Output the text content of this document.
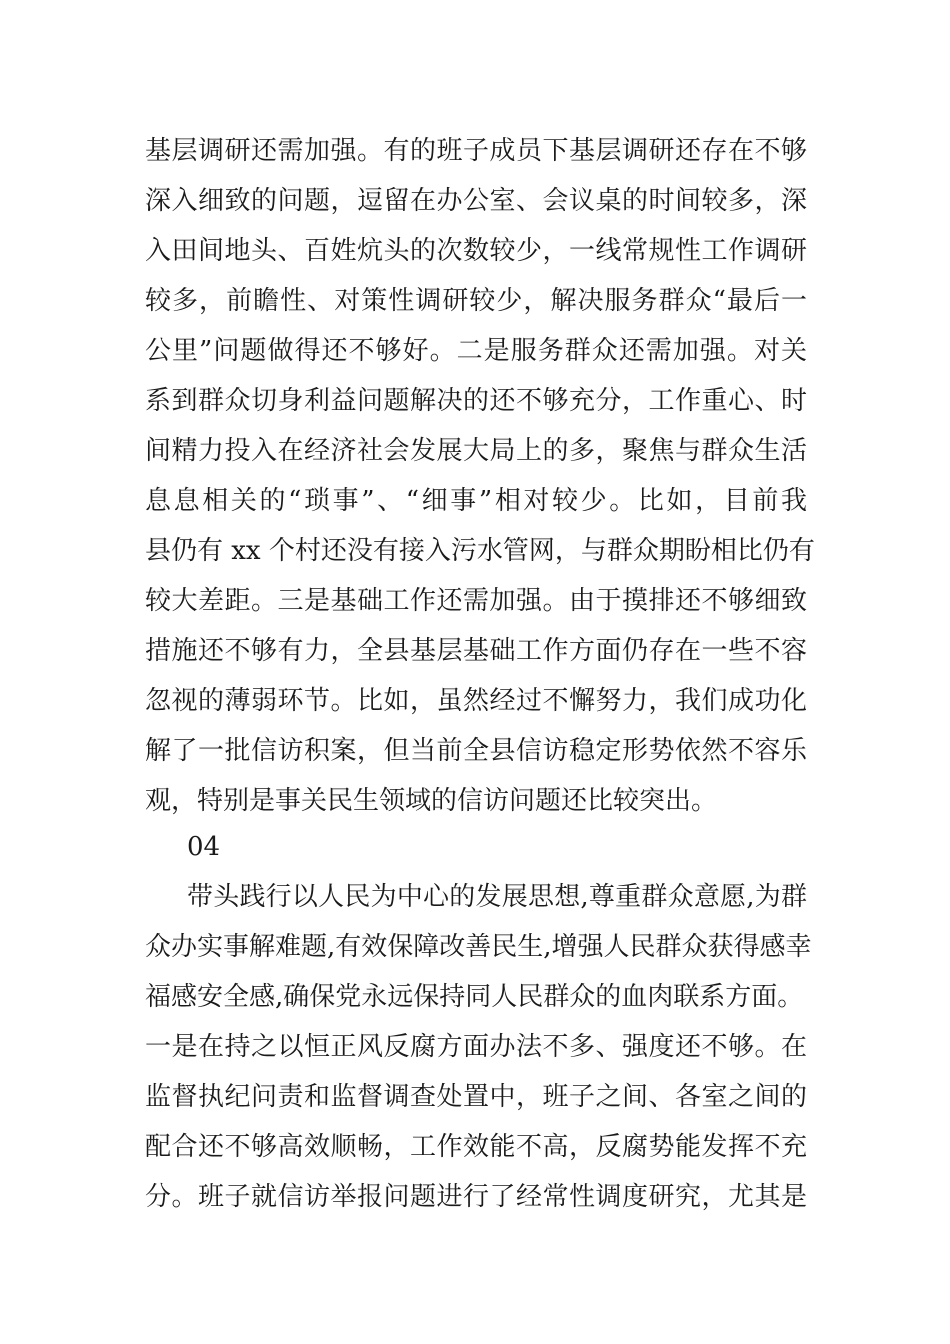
基层调研还需加强。有的班子成员下基层调研还存在不够
深入细致的问题，逗留在办公室、会议桌的时间较多，深
入田间地头、百姓炕头的次数较少，一线常规性工作调研
较多，前瞻性、对策性调研较少，解决服务群众“最后一
公里”问题做得还不够好。二是服务群众还需加强。对关
系到群众切身利益问题解决的还不够充分，工作重心、时
间精力投入在经济社会发展大局上的多，聚焦与群众生活
息息相关的“琐事”、“细事”相对较少。比如，目前我
县仍有 xx 个村还没有接入污水管网，与群众期盼相比仍有
较大差距。三是基础工作还需加强。由于摸排还不够细致
措施还不够有力，全县基层基础工作方面仍存在一些不容
忽视的薄弱环节。比如，虽然经过不懈努力，我们成功化
解了一批信访积案，但当前全县信访稳定形势依然不容乐
观，特别是事关民生领域的信访问题还比较突出。
04
带头践行以人民为中心的发展思想,尊重群众意愿,为群
众办实事解难题,有效保障改善民生,增强人民群众获得感幸
福感安全感,确保党永远保持同人民群众的血肉联系方面。
一是在持之以恒正风反腐方面办法不多、强度还不够。在
监督执纪问责和监督调查处置中，班子之间、各室之间的
配合还不够高效顺畅，工作效能不高，反腐势能发挥不充
分。班子就信访举报问题进行了经常性调度研究，尤其是
